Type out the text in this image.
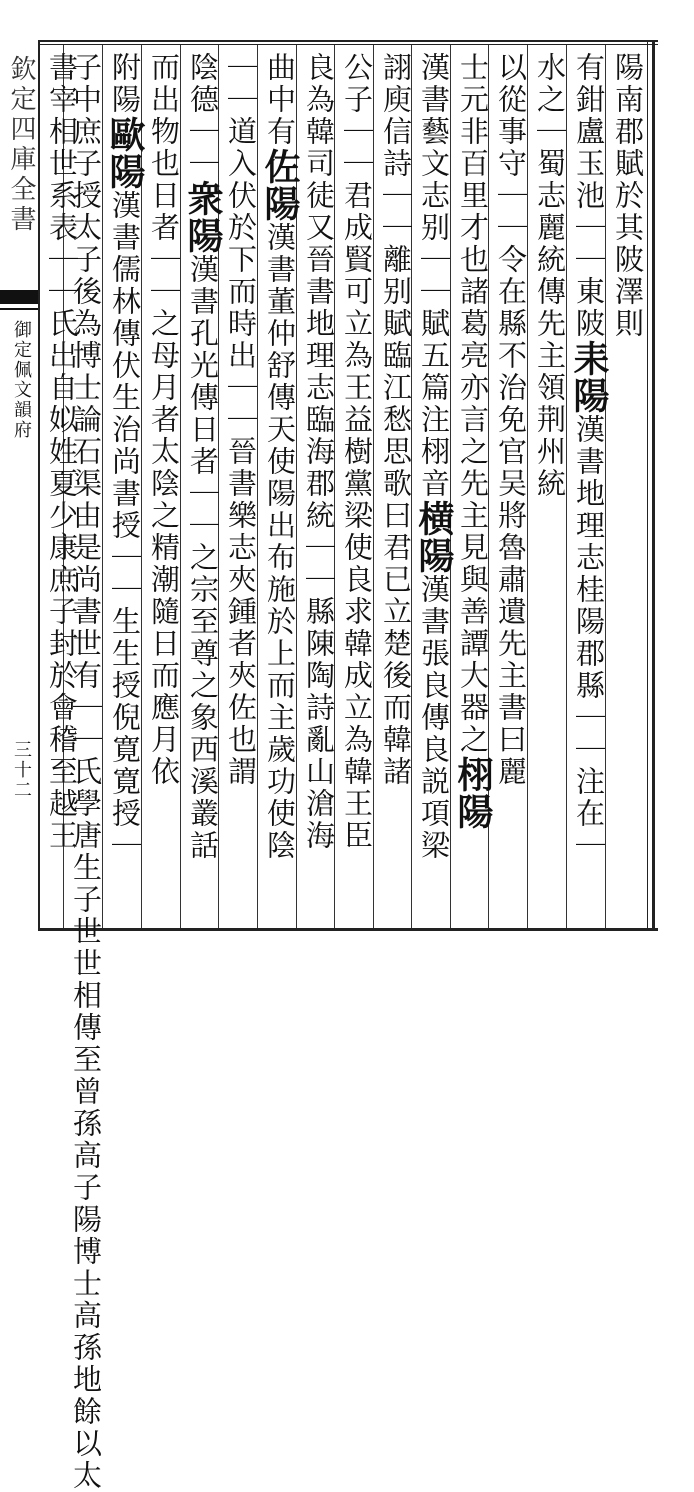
欽定四庫全書
御定佩文韻府
三十二
陽南郡賦於其陂澤則
有鉗盧玉池｜｜東陂耒陽漢書地理志桂陽郡縣｜｜注在｜
水之｜蜀志麗統傳先主領荆州統
以從事守｜｜令在縣不治免官吴將魯肅遺先主書曰麗
士元非百里才也諸葛亮亦言之先主見與善譚大器之栩陽
漢書藝文志别｜｜賦五篇注栩音横陽漢書張良傳良説項梁
詡庾信詩｜｜離别賦臨江愁思歌曰君已立楚後而韓諸
公子｜｜君成賢可立為王益樹黨梁使良求韓成立為韓王臣
良為韓司徒又晉書地理志臨海郡統｜｜縣陳陶詩亂山滄海
曲中有佐陽漢書董仲舒傳天使陽出布施於上而主歲功使陰
｜｜道入伏於下而時出｜｜晉書樂志夾鍾者夾佐也謂
陰德｜｜衆陽漢書孔光傳日者｜｜之宗至尊之象西溪叢話
而出物也日者｜｜之母月者太陰之精潮隨日而應月依
附陽歐陽漢書儒林傳伏生治尚書授｜｜生生授倪寛寛授｜
子中庶子授太子後為博士論石渠由是尚書世有｜｜氏學唐生子世世相傳至曾孫高子陽博士高孫地餘以太
書宰相世系表｜｜氏出自姒姓夏少康庶子封於會稽至越王
